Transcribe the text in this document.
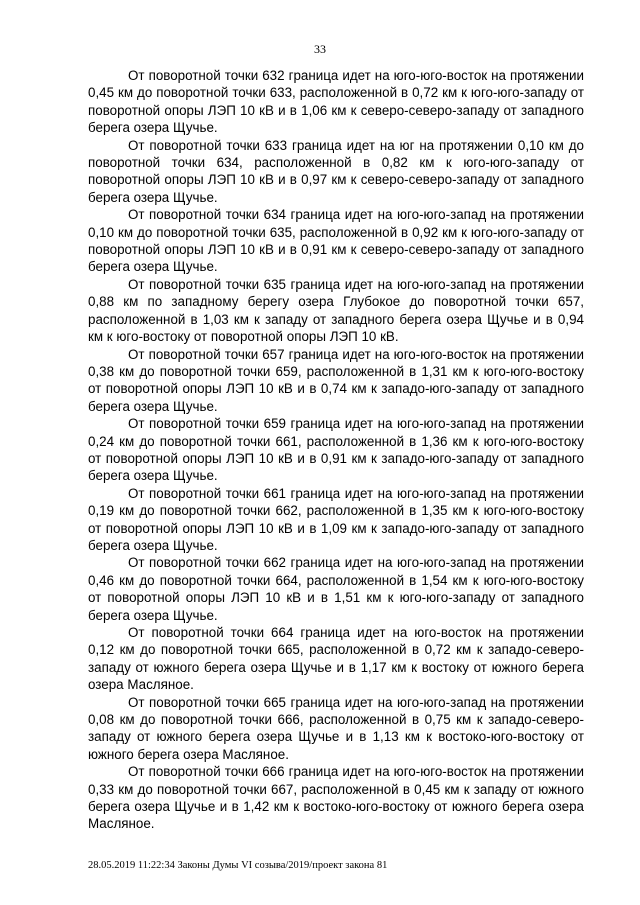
33

От поворотной точки 632 граница идет на юго-юго-восток на протяжении 0,45 км до поворотной точки 633, расположенной в 0,72 км к юго-юго-западу от поворотной опоры ЛЭП 10 кВ и в 1,06 км к северо-северо-западу от западного берега озера Щучье.

От поворотной точки 633 граница идет на юг на протяжении 0,10 км до поворотной точки 634, расположенной в 0,82 км к юго-юго-западу от поворотной опоры ЛЭП 10 кВ и в 0,97 км к северо-северо-западу от западного берега озера Щучье.

От поворотной точки 634 граница идет на юго-юго-запад на протяжении 0,10 км до поворотной точки 635, расположенной в 0,92 км к юго-юго-западу от поворотной опоры ЛЭП 10 кВ и в 0,91 км к северо-северо-западу от западного берега озера Щучье.

От поворотной точки 635 граница идет на юго-юго-запад на протяжении 0,88 км по западному берегу озера Глубокое до поворотной точки 657, расположенной в 1,03 км к западу от западного берега озера Щучье и в 0,94 км к юго-востоку от поворотной опоры ЛЭП 10 кВ.

От поворотной точки 657 граница идет на юго-юго-восток на протяжении 0,38 км до поворотной точки 659, расположенной в 1,31 км к юго-юго-востоку от поворотной опоры ЛЭП 10 кВ и в 0,74 км к западо-юго-западу от западного берега озера Щучье.

От поворотной точки 659 граница идет на юго-юго-запад на протяжении 0,24 км до поворотной точки 661, расположенной в 1,36 км к юго-юго-востоку от поворотной опоры ЛЭП 10 кВ и в 0,91 км к западо-юго-западу от западного берега озера Щучье.

От поворотной точки 661 граница идет на юго-юго-запад на протяжении 0,19 км до поворотной точки 662, расположенной в 1,35 км к юго-юго-востоку от поворотной опоры ЛЭП 10 кВ и в 1,09 км к западо-юго-западу от западного берега озера Щучье.

От поворотной точки 662 граница идет на юго-юго-запад на протяжении 0,46 км до поворотной точки 664, расположенной в 1,54 км к юго-юго-востоку от поворотной опоры ЛЭП 10 кВ и в 1,51 км к юго-юго-западу от западного берега озера Щучье.

От поворотной точки 664 граница идет на юго-восток на протяжении 0,12 км до поворотной точки 665, расположенной в 0,72 км к западо-северо-западу от южного берега озера Щучье и в 1,17 км к востоку от южного берега озера Масляное.

От поворотной точки 665 граница идет на юго-юго-запад на протяжении 0,08 км до поворотной точки 666, расположенной в 0,75 км к западо-северо-западу от южного берега озера Щучье и в 1,13 км к востоко-юго-востоку от южного берега озера Масляное.

От поворотной точки 666 граница идет на юго-юго-восток на протяжении 0,33 км до поворотной точки 667, расположенной в 0,45 км к западу от южного берега озера Щучье и в 1,42 км к востоко-юго-востоку от южного берега озера Масляное.

28.05.2019 11:22:34 Законы Думы VI созыва/2019/проект закона 81
